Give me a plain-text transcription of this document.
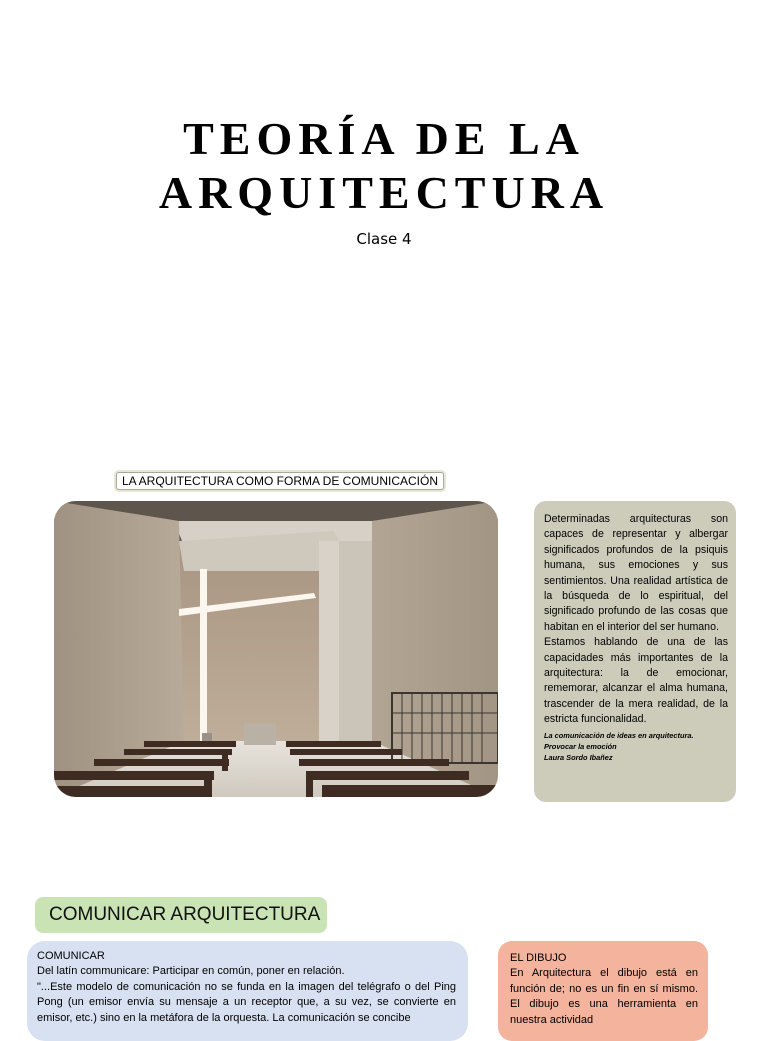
TEORÍA DE LA
ARQUITECTURA
Clase 4
LA ARQUITECTURA COMO FORMA DE COMUNICACIÓN

Determinadas arquitecturas son capaces de representar y albergar significados profundos de la psiquis humana, sus emociones y sus sentimientos. Una realidad artística de la búsqueda de lo espiritual, del significado profundo de las cosas que habitan en el interior del ser humano.

Estamos hablando de una de las capacidades más importantes de la arquitectura: la de emocionar, rememorar, alcanzar el alma humana, trascender de la mera realidad, de la estricta funcionalidad.

La comunicación de ideas en arquitectura.
Provocar la emoción
Laura Sordo Ibañez

COMUNICAR ARQUITECTURA
COMUNICAR

Del latín communicare: Participar en común, poner en relación.

"...Este modelo de comunicación no se funda en la imagen del telégrafo o del Ping Pong (un emisor envía su mensaje a un receptor que, a su vez, se convierte en emisor, etc.) sino en la metáfora de la orquesta. La comunicación se concibe

EL DIBUJO

En Arquitectura el dibujo está en función de; no es un fin en sí mismo. El dibujo es una herramienta en nuestra actividad
